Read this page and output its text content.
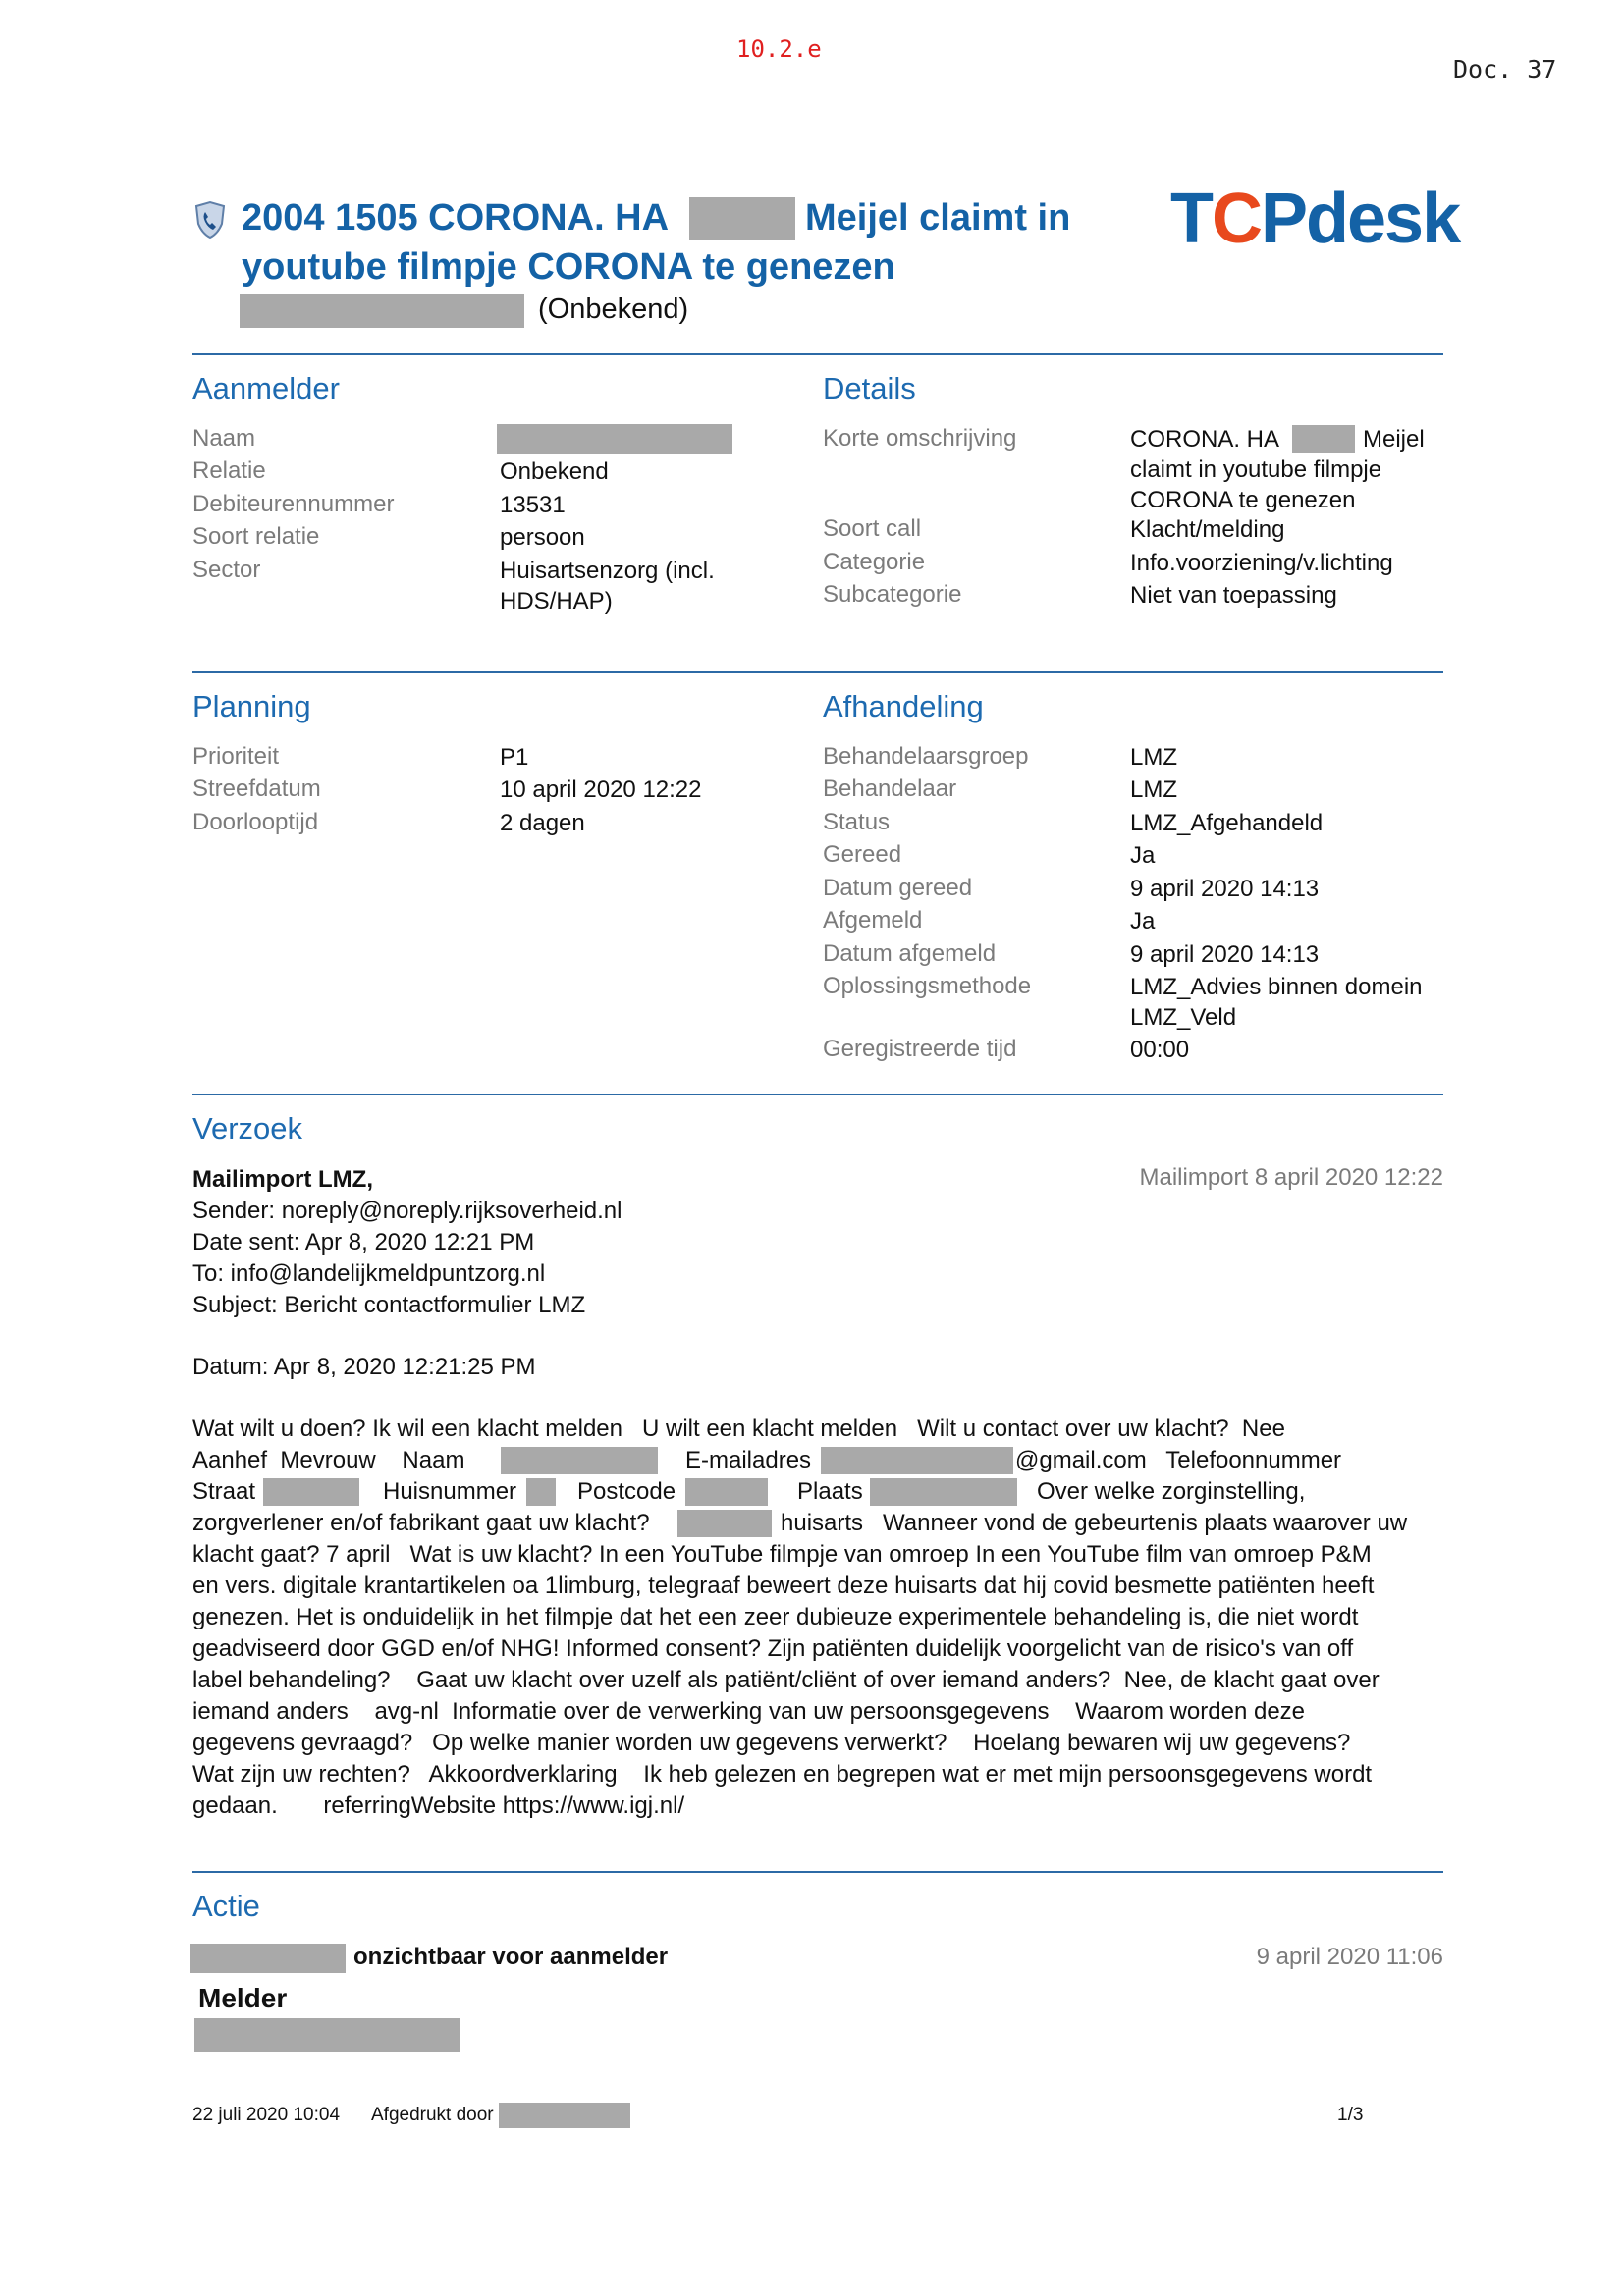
10.2.e
Doc. 37
2004 1505 CORONA. HA	Meijel claimt in
youtube filmpje CORONA te genezen
(Onbekend)
TCPdesk
Aanmelder	Details
Naam
Relatie	Onbekend
Debiteurennummer	13531
Soort relatie	persoon
Sector	Huisartsenzorg (incl.
HDS/HAP)
Korte omschrijving	CORONA. HA	Meijel
claimt in youtube filmpje
CORONA te genezen
Soort call	Klacht/melding
Categorie	Info.voorziening/v.lichting
Subcategorie	Niet van toepassing
Planning	Afhandeling
Prioriteit	P1
Streefdatum	10 april 2020 12:22
Doorlooptijd	2 dagen
Behandelaarsgroep	LMZ
Behandelaar	LMZ
Status	LMZ_Afgehandeld
Gereed	Ja
Datum gereed	9 april 2020 14:13
Afgemeld	Ja
Datum afgemeld	9 april 2020 14:13
Oplossingsmethode	LMZ_Advies binnen domein
LMZ_Veld
Geregistreerde tijd	00:00
Verzoek
Mailimport LMZ,	Mailimport 8 april 2020 12:22
Sender: noreply@noreply.rijksoverheid.nl
Date sent: Apr 8, 2020 12:21 PM
To: info@landelijkmeldpuntzorg.nl
Subject: Bericht contactformulier LMZ
Datum: Apr 8, 2020 12:21:25 PM
Wat wilt u doen? Ik wil een klacht melden   U wilt een klacht melden   Wilt u contact over uw klacht?  Nee
Aanhef  Mevrouw    Naam	E-mailadres	@gmail.com   Telefoonnummer
Straat	Huisnummer	Postcode	Plaats	Over welke zorginstelling,
zorgverlener en/of fabrikant gaat uw klacht?	huisarts   Wanneer vond de gebeurtenis plaats waarover uw
klacht gaat? 7 april   Wat is uw klacht? In een YouTube filmpje van omroep In een YouTube film van omroep P&M
en vers. digitale krantartikelen oa 1limburg, telegraaf beweert deze huisarts dat hij covid besmette patiënten heeft
genezen. Het is onduidelijk in het filmpje dat het een zeer dubieuze experimentele behandeling is, die niet wordt
geadviseerd door GGD en/of NHG! Informed consent? Zijn patiënten duidelijk voorgelicht van de risico's van off
label behandeling?    Gaat uw klacht over uzelf als patiënt/cliënt of over iemand anders?  Nee, de klacht gaat over
iemand anders    avg-nl  Informatie over de verwerking van uw persoonsgegevens    Waarom worden deze
gegevens gevraagd?   Op welke manier worden uw gegevens verwerkt?    Hoelang bewaren wij uw gegevens?
Wat zijn uw rechten?   Akkoordverklaring    Ik heb gelezen en begrepen wat er met mijn persoonsgegevens wordt
gedaan.       referringWebsite https://www.igj.nl/
Actie
onzichtbaar voor aanmelder	9 april 2020 11:06
Melder
22 juli 2020 10:04 Afgedrukt door	1/3
